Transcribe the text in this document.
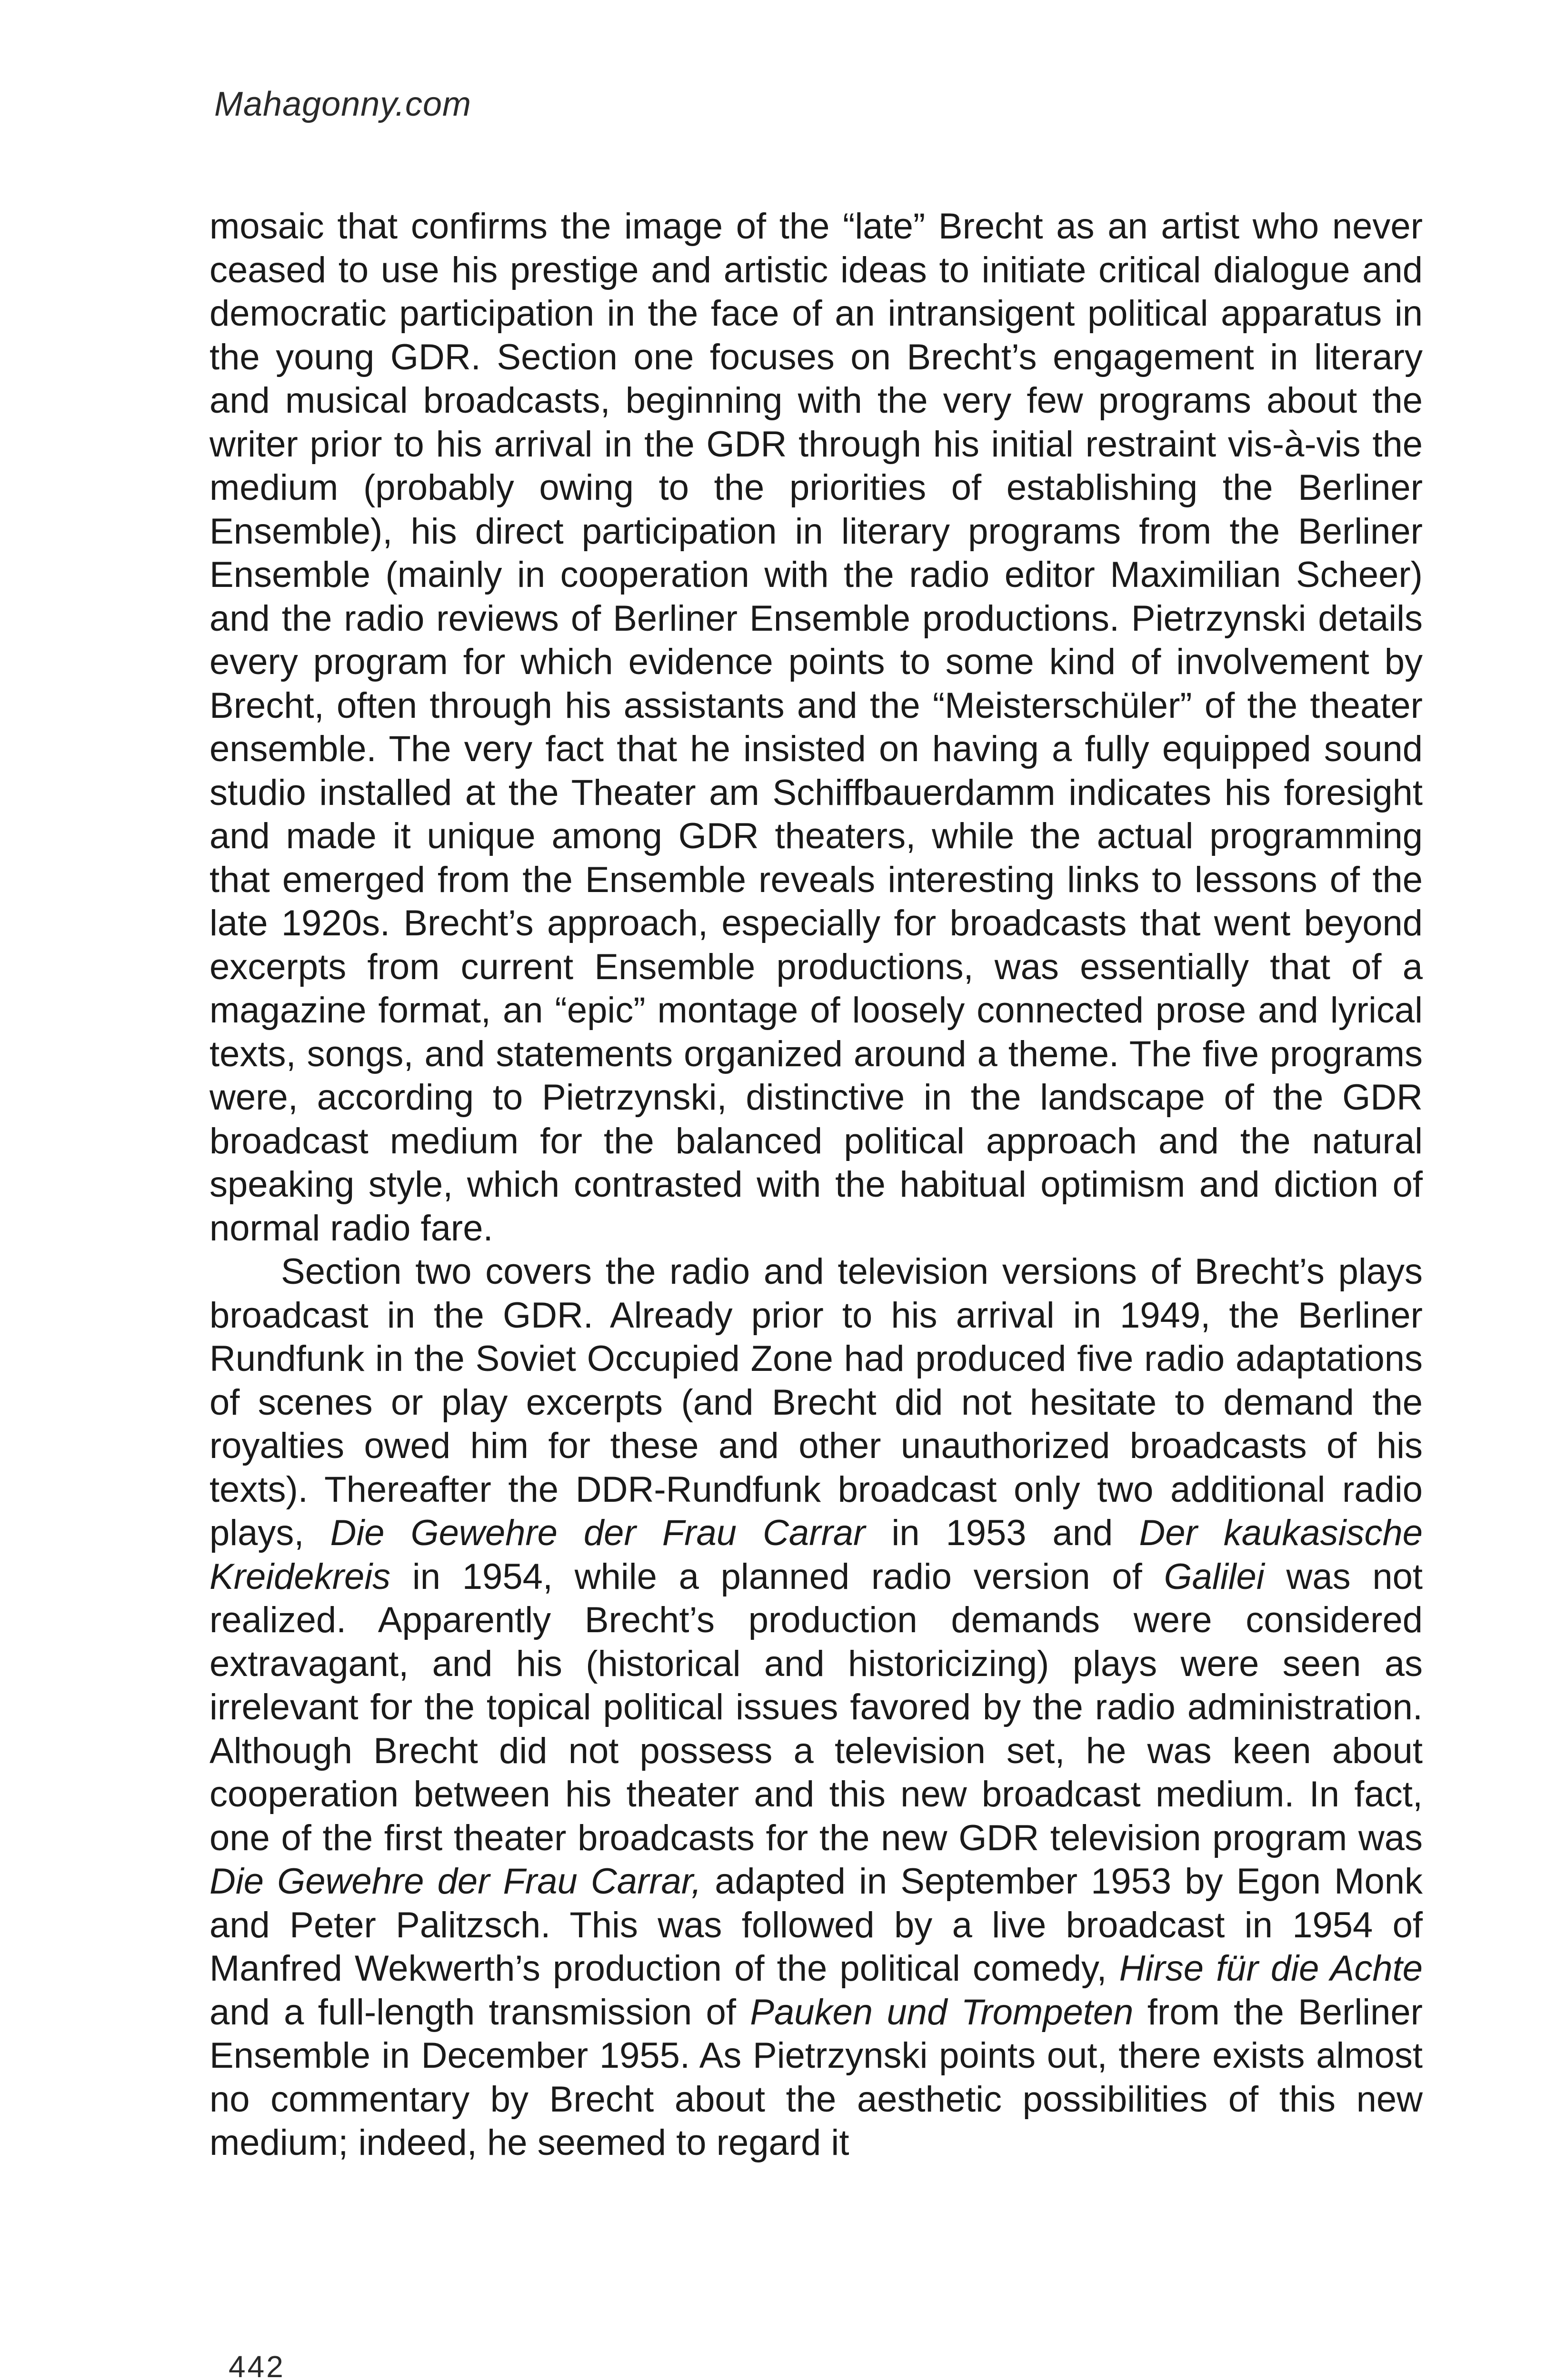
Mahagonny.com

mosaic that confirms the image of the “late” Brecht as an artist who never ceased to use his prestige and artistic ideas to initiate critical dialogue and democratic participation in the face of an intransigent political apparatus in the young GDR. Section one focuses on Brecht’s engagement in literary and musical broadcasts, beginning with the very few programs about the writer prior to his arrival in the GDR through his initial restraint vis-à-vis the medium (probably owing to the priorities of establishing the Berliner Ensemble), his direct participation in literary programs from the Berliner Ensemble (mainly in cooperation with the radio editor Maximilian Scheer) and the radio reviews of Berliner Ensemble productions. Pietrzynski details every program for which evidence points to some kind of involvement by Brecht, often through his assistants and the “Meisterschüler” of the theater ensemble. The very fact that he insisted on having a fully equipped sound studio installed at the Theater am Schiffbauerdamm indicates his foresight and made it unique among GDR theaters, while the actual programming that emerged from the Ensemble reveals interesting links to lessons of the late 1920s. Brecht’s approach, especially for broadcasts that went beyond excerpts from current Ensemble productions, was essentially that of a magazine format, an “epic” montage of loosely connected prose and lyrical texts, songs, and statements organized around a theme. The five programs were, according to Pietrzynski, distinctive in the landscape of the GDR broadcast medium for the balanced political approach and the natural speaking style, which contrasted with the habitual optimism and diction of normal radio fare.

Section two covers the radio and television versions of Brecht’s plays broadcast in the GDR. Already prior to his arrival in 1949, the Berliner Rundfunk in the Soviet Occupied Zone had produced five radio adaptations of scenes or play excerpts (and Brecht did not hesitate to demand the royalties owed him for these and other unauthorized broadcasts of his texts). Thereafter the DDR-Rundfunk broadcast only two additional radio plays, Die Gewehre der Frau Carrar in 1953 and Der kaukasische Kreidekreis in 1954, while a planned radio version of Galilei was not realized. Apparently Brecht’s production demands were considered extravagant, and his (historical and historicizing) plays were seen as irrelevant for the topical political issues favored by the radio administration. Although Brecht did not possess a television set, he was keen about cooperation between his theater and this new broadcast medium. In fact, one of the first theater broadcasts for the new GDR television program was Die Gewehre der Frau Carrar, adapted in September 1953 by Egon Monk and Peter Palitzsch. This was followed by a live broadcast in 1954 of Manfred Wekwerth’s production of the political comedy, Hirse für die Achte and a full-length transmission of Pauken und Trompeten from the Berliner Ensemble in December 1955. As Pietrzynski points out, there exists almost no commentary by Brecht about the aesthetic possibilities of this new medium; indeed, he seemed to regard it

442
